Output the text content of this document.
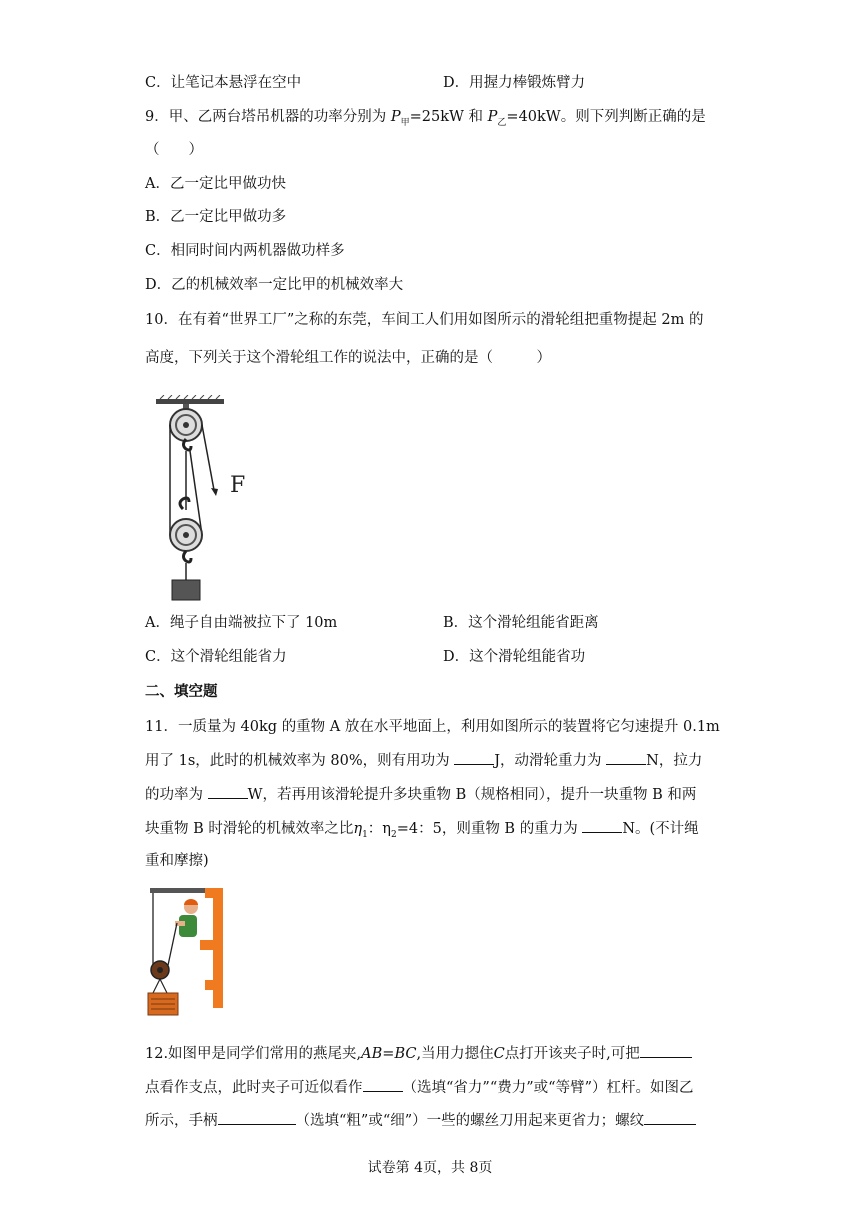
C．让笔记本悬浮在空中	D．用握力棒锻炼臂力
9．甲、乙两台塔吊机器的功率分别为 $P_甲=25kW$ 和 $P_乙=40kW$。则下列判断正确的是
（　　）
A．乙一定比甲做功快
B．乙一定比甲做功多
C．相同时间内两机器做功样多
D．乙的机械效率一定比甲的机械效率大
10．在有着“世界工厂”之称的东莞，车间工人们用如图所示的滑轮组把重物提起 2m 的
高度，下列关于这个滑轮组工作的说法中，正确的是（　　　）
F
A．绳子自由端被拉下了 10m	B．这个滑轮组能省距离
C．这个滑轮组能省力	D．这个滑轮组能省功
二、填空题
11．一质量为 40kg 的重物 A 放在水平地面上，利用如图所示的装置将它匀速提升 0.1m
用了 1s，此时的机械效率为 80%，则有用功为	J，动滑轮重力为	N，拉力
的功率为	W，若再用该滑轮提升多块重物 B（规格相同），提升一块重物 B 和两
块重物 B 时滑轮的机械效率之比$\eta_1$：$\eta_2=4$：5，则重物 B 的重力为	N。(不计绳
重和摩擦)
12.如图甲是同学们常用的燕尾夹,AB=BC,当用力摁住C点打开该夹子时,可把
点看作支点，此时夹子可近似看作	（选填“省力”“费力”或“等臂”）杠杆。如图乙
所示，手柄	（选填“粗”或“细”）一些的螺丝刀用起来更省力；螺纹
试卷第 4页，共 8页
